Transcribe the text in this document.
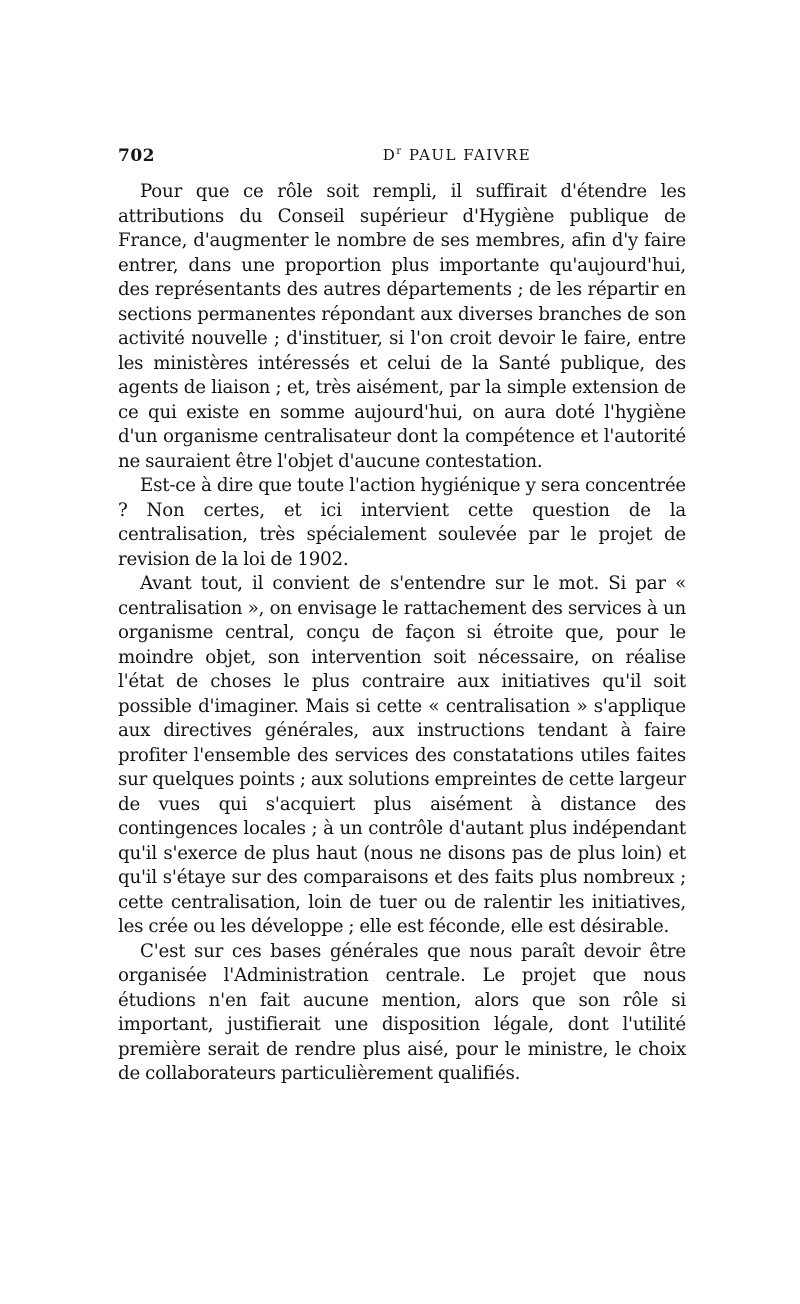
702	$D^r$ PAUL FAIVRE

Pour que ce rôle soit rempli, il suffirait d'étendre les attributions du Conseil supérieur d'Hygiène publique de France, d'augmenter le nombre de ses membres, afin d'y faire entrer, dans une proportion plus importante qu'aujourd'hui, des représentants des autres départements ; de les répartir en sections permanentes répondant aux diverses branches de son activité nouvelle ; d'instituer, si l'on croit devoir le faire, entre les ministères intéressés et celui de la Santé publique, des agents de liaison ; et, très aisément, par la simple extension de ce qui existe en somme aujourd'hui, on aura doté l'hygiène d'un organisme centralisateur dont la compétence et l'autorité ne sauraient être l'objet d'aucune contestation.

Est-ce à dire que toute l'action hygiénique y sera concentrée ? Non certes, et ici intervient cette question de la centralisation, très spécialement soulevée par le projet de revision de la loi de 1902.

Avant tout, il convient de s'entendre sur le mot. Si par « centralisation », on envisage le rattachement des services à un organisme central, conçu de façon si étroite que, pour le moindre objet, son intervention soit nécessaire, on réalise l'état de choses le plus contraire aux initiatives qu'il soit possible d'imaginer. Mais si cette « centralisation » s'applique aux directives générales, aux instructions tendant à faire profiter l'ensemble des services des constatations utiles faites sur quelques points ; aux solutions empreintes de cette largeur de vues qui s'acquiert plus aisément à distance des contingences locales ; à un contrôle d'autant plus indépendant qu'il s'exerce de plus haut (nous ne disons pas de plus loin) et qu'il s'étaye sur des comparaisons et des faits plus nombreux ; cette centralisation, loin de tuer ou de ralentir les initiatives, les crée ou les développe ; elle est féconde, elle est désirable.

C'est sur ces bases générales que nous paraît devoir être organisée l'Administration centrale. Le projet que nous étudions n'en fait aucune mention, alors que son rôle si important, justifierait une disposition légale, dont l'utilité première serait de rendre plus aisé, pour le ministre, le choix de collaborateurs particulièrement qualifiés.
